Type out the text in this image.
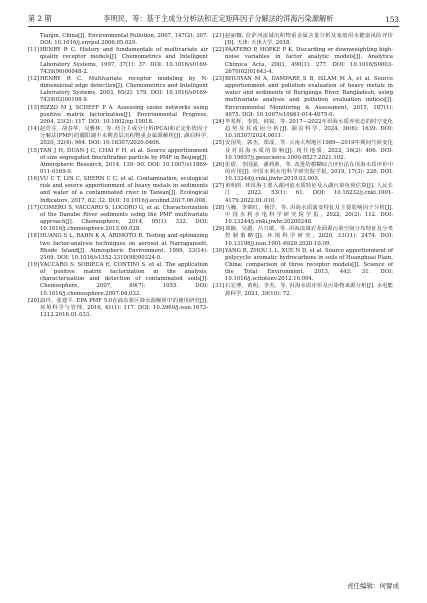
第 2 期	李明民，等：基于主成分分析法和正定矩阵因子分解法的洱海污染源解析	153
Tianjin, China[J]. Environmental Pollution, 2007, 147(2): 307. DOI: 10.1016/j.envpol.2006.05.029.
[11] HENRY R C. History and fundamentals of multivariate air quality receptor models[J]. Chemometrics and Intelligent Laboratory Systems, 1997, 37(1): 37. DOI: 10.1016/s0169-7439(96)00048-2.
[12] HENRY R C. Multivariate receptor modeling by N-dimensional edge detection[J]. Chemometrics and Intelligent Laboratory Systems, 2003, 65(2): 179. DOI: 10.1016/s0169-7439(02)00108-9.
[13] RIZZO M J, SCHEFF P A. Assessing ozone networks using positive matrix factorization[J]. Environmental Progress, 2004, 23(2): 117. DOI: 10.1002/ep.10018.
[14] 赵晋芬，胡春华，吴雅林，等. 结合主成分分析(PCA)和正定矩阵因子分解法(PMF)的鄱阳湖丰水期表层沉积物重金属源解析[J]. 湖泊科学, 2020, 32(4): 964. DOI: 10.18307/2020.0406.
[15] TAN J H, DUAN J C, CHAI F H, et al. Source apportionment of size segregated fine/ultrafine particle by PMF in Beijing[J]. Atmospheric Research, 2014, 139: 90. DOI: 10.1007/s11869-011-0169-9.
[16] VU C T, LIN C, SHERN C C, et al. Contamination, ecological risk and source apportionment of heavy metals in sediments and water of a contaminated river in Taiwan[J]. Ecological Indicators, 2017, 82: 32. DOI: 10.1016/j.ecolind.2017.06.008.
[17] COMERO S, VACCARO S, LOCORO G, et al. Characterization of the Danube River sediments using the PMF multivariate approach[J]. Chemosphere, 2014, 95(1): 332. DOI: 10.1016/j.chemosphere.2013.09.028.
[18] HUANG S L, RAHN K A, ARIMOTO R. Testing and optimizing two factor-analysis techniques on aerosol at Narragansett, Rhode Island[J]. Atmospheric Environment, 1999, 33(14): 2169. DOI: 10.1016/s1352-2310(98)00324-0.
[19] VACCARO S, SOBIECA E, CONTINI S, et al. The application of positive matrix factorization in the analysis, characterisation and detection of contaminated soils[J]. Chemosphere, 2007, 69(7): 1055. DOI: 10.1016/j.chemosphere.2007.04.032.
[20] 温玲，张建平. EPA PMF 5.0在浦东新区降水源解析中的使用研究[J]. 环境科学与管理, 2016, 41(1): 117. DOI: 10.3969/j.issn.1673-1212.2016.01.033.
[21] 赵丽娜. 拉萨河流域沉积物重金属含量分析及家庭用水健康风险评价[D]. 天津: 天津大学, 2018.
[22] PAATERO P, HOPKE P K. Discarding or downweighting high-noise variables in factor analytic models[J]. Analytica Chimica Acta, 2003, 490(1): 277. DOI: 10.1016/S0003-2670(02)01643-4.
[23] BHUIYAN M A, DAMPARE S B, ISLAM M A, et al. Source apportionment and pollution evaluation of heavy metals in water and sediments of Buriganga River, Bangladesh, using multivariate analysis and pollution evaluation indices[J]. Environmental Monitoring & Assessment, 2015, 187(1): 4075. DOI: 10.1007/s10661-014-4075-0.
[24] 毕兆辉，李锐，韩锐，等. 2017—2022年洱海水质养状态的时空变化趋势及其成因分析[J]. 湖泊科学, 2024, 36(6): 1639. DOI: 10.18307/2024.0611.
[25] 安国英，郭杰，郑成，等. 云南大理地区1989—2019年期间气候变化及对洱海水质的影响[J]. 现代地质, 2022, 36(2): 406. DOI: 10.19657/j.geoscience.1000-8527.2021.102.
[26] 张倩，李国强，潘莉莉，等. 改进的模糊综合评价法在洱海水质评价中的应用[J]. 中国水利水电科学研究院学报, 2019, 17(3): 226. DOI: 10.13244/j.cnki.jiwhr.2019.03.009.
[27] 黄明雨. 环洱海主要入湖河流水质特征及入湖污染负荷估算[J]. 人民长江, 2022, 53(1): 61. DOI: 10.16232/j.cnki.1001-4179.2022.01.010.
[28] 马巍，李锦红，杨洋，等. 洱海水质演变特征及主要影响因子分析[J]. 中国水利水电科学研究院学报, 2022, 20(2): 112. DOI: 10.13244/j.cnki.jiwhr.20200248.
[29] 项颖，吴越，吕兴敏，等. 洱海流域农业面源污染空间分布特征及分类控制策略[J]. 环境科学研究, 2020, 33(11): 2474. DOI: 10.13198/j.issn.1001-6929.2020.10.09.
[30] YANG B, ZHOU L L, XUE N D, et al. Source apportionment of polycyclic aromatic hydrocarbons in soils of Huanghuai Plain, China: comparison of three receptor models[J]. Science of the Total Environment, 2013, 443: 31. DOI: 10.1016/j.scitotenv.2012.10.094.
[31] 石宏博，黄明，李杰，等. 洱海水质评价及污染物来源分析[J]. 水电能源科学, 2021, 39(10): 72.
责任编辑：何譬成
